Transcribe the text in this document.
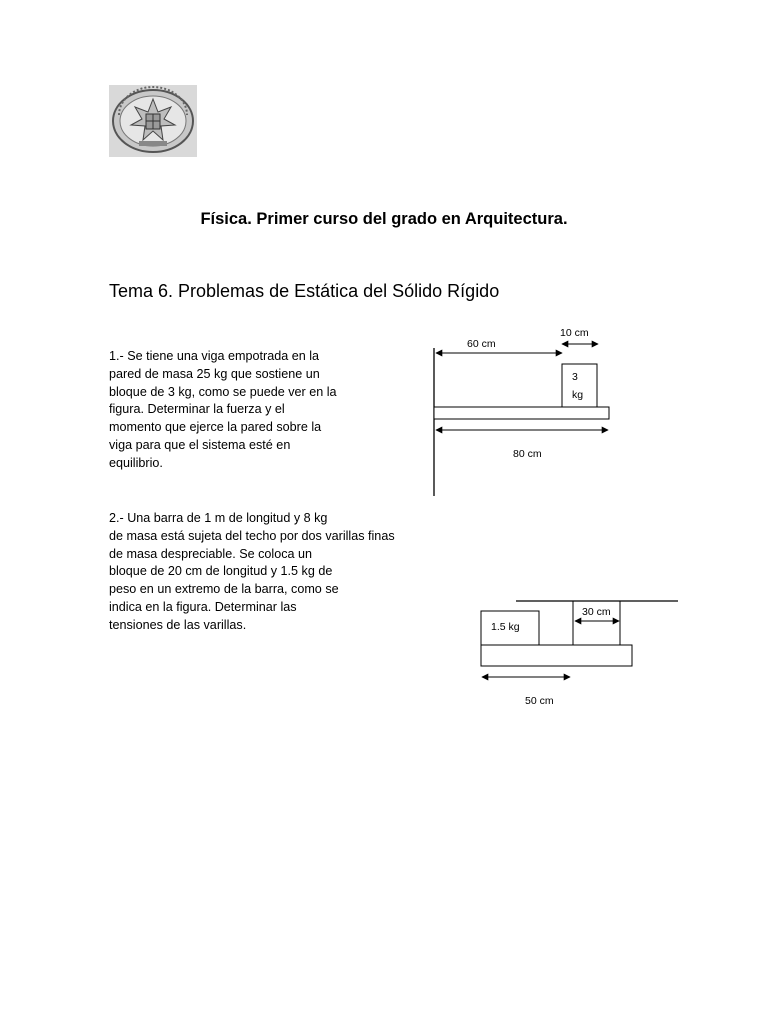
Física. Primer curso del grado en Arquitectura.
Tema 6. Problemas de Estática del Sólido Rígido

1.- Se tiene una viga empotrada en la
pared de masa 25 kg que sostiene un
bloque de 3 kg, como se puede ver en la
figura. Determinar la fuerza y el
momento que ejerce la pared sobre la
viga para que el sistema esté en
equilibrio.

3
kg
60 cm
10 cm
80 cm
1.5 kg
30 cm
50 cm

2.- Una barra de 1 m de longitud y 8 kg
de masa está sujeta del techo por dos varillas finas
de masa despreciable. Se coloca un
bloque de 20 cm de longitud y 1.5 kg de
peso en un extremo de la barra, como se
indica en la figura. Determinar las
tensiones de las varillas.
